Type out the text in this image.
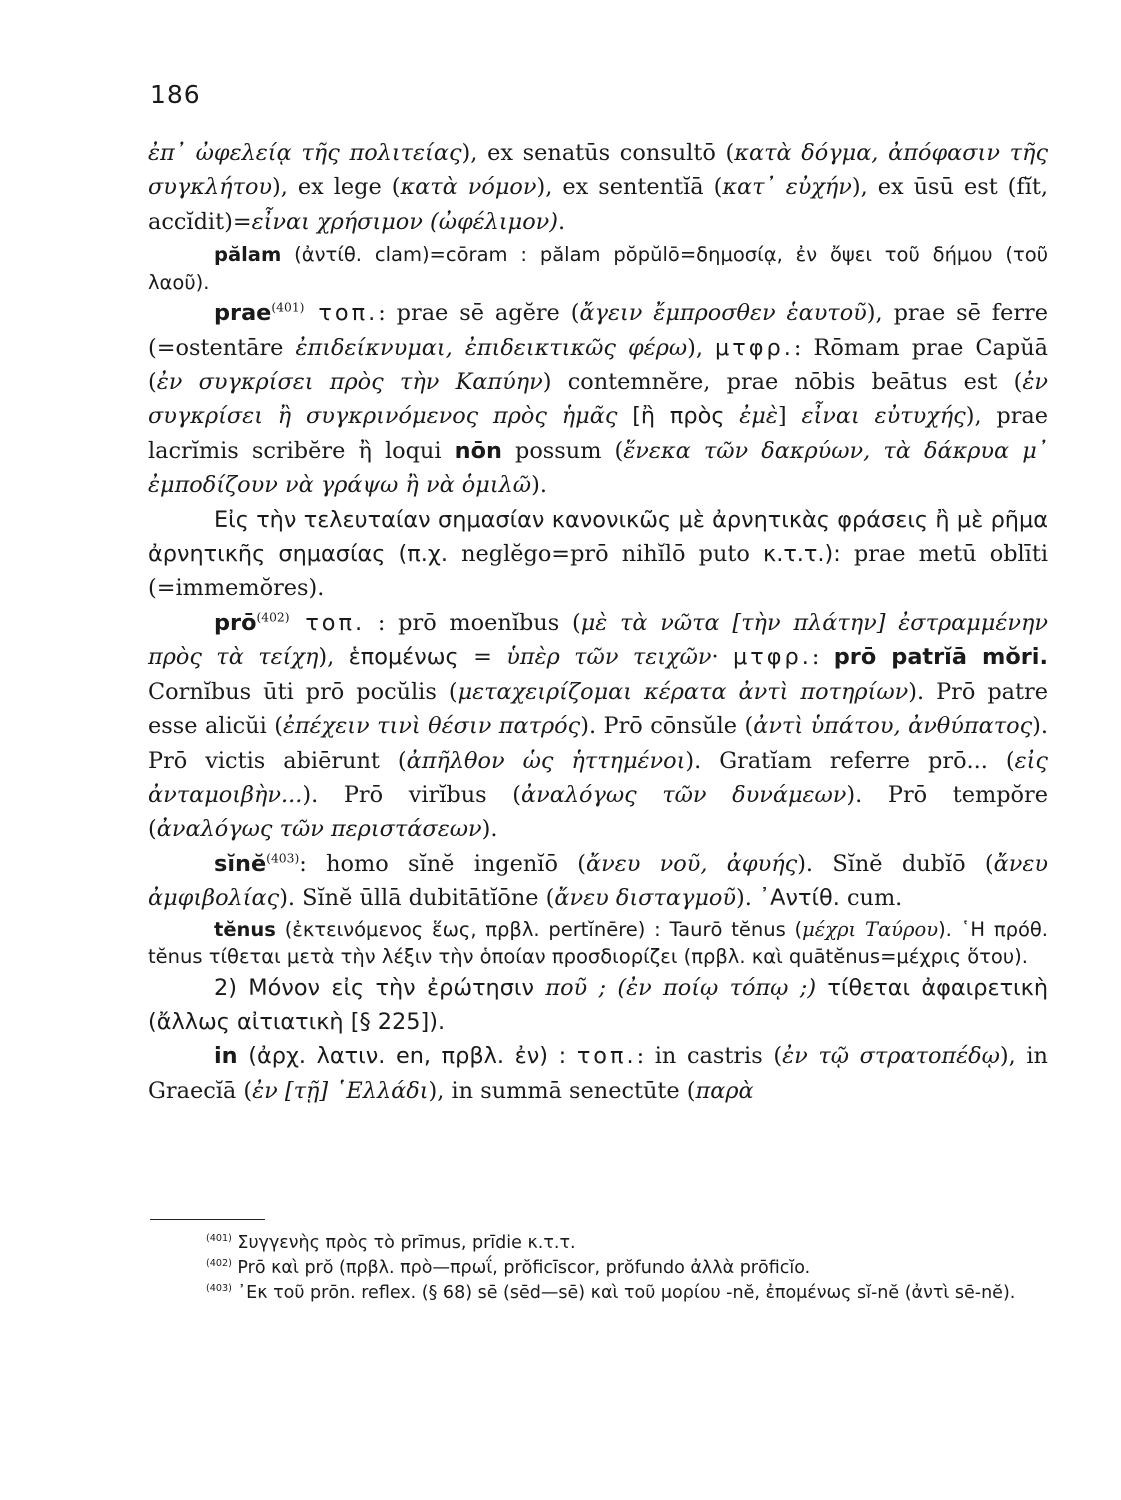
186

ἐπ᾽ ὠφελείᾳ τῆς πολιτείας), ex senatūs consultō (κατὰ δόγμα, ἀπόφασιν τῆς συγκλήτου), ex lege (κατὰ νόμον), ex sententĭā (κατ᾽ εὐχήν), ex ūsū est (fĭt, accĭdit)=εἶναι χρήσιμον (ὠφέλιμον).

pălam (ἀντίθ. clam)=cōram : pălam pŏpŭlō=δημοσίᾳ, ἐν ὄψει τοῦ δήμου (τοῦ λαοῦ).

prae$^{(401)}$ τοπ.: prae sē agĕre (ἄγειν ἔμπροσθεν ἑαυτοῦ), prae sē ferre (=ostentāre ἐπιδείκνυμαι, ἐπιδεικτικῶς φέρω), μτφρ.: Rōmam prae Capŭā (ἐν συγκρίσει πρὸς τὴν Καπύην) contemnĕre, prae nōbis beātus est (ἐν συγκρίσει ἢ συγκρινόμενος πρὸς ἡμᾶς [ἢ πρὸς ἐμὲ] εἶναι εὐτυχής), prae lacrĭmis scribĕre ἢ loqui nōn possum (ἕνεκα τῶν δακρύων, τὰ δάκρυα μ᾽ ἐμποδίζουν νὰ γράψω ἢ νὰ ὁμιλῶ).

Εἰς τὴν τελευταίαν σημασίαν κανονικῶς μὲ ἀρνητικὰς φράσεις ἢ μὲ ρῆμα ἀρνητικῆς σημασίας (π.χ. neglĕgo=prō nihĭlō puto κ.τ.τ.): prae metū oblīti (=immemŏres).

prō$^{(402)}$ τοπ. : prō moenĭbus (μὲ τὰ νῶτα [τὴν πλάτην] ἐστραμμένην πρὸς τὰ τείχη), ἑπομένως = ὑπὲρ τῶν τειχῶν· μτφρ.: prō patrĭā mŏri. Cornĭbus ūti prō pocŭlis (μεταχειρίζομαι κέρατα ἀντὶ ποτηρίων). Prō patre esse alicŭi (ἐπέχειν τινὶ θέσιν πατρός). Prō cōnsŭle (ἀντὶ ὑπάτου, ἀνθύπατος). Prō victis abiērunt (ἀπῆλθον ὡς ἡττημένοι). Gratĭam referre prō... (εἰς ἀνταμοιβὴν...). Prō virĭbus (ἀναλόγως τῶν δυνάμεων). Prō tempŏre (ἀναλόγως τῶν περιστάσεων).

sĭnĕ$^{(403)}$: homo sĭnĕ ingenĭō (ἄνευ νοῦ, ἀφυής). Sĭnĕ dubĭō (ἄνευ ἀμφιβολίας). Sĭnĕ ūllā dubitātĭōne (ἄνευ δισταγμοῦ). ᾽Αντίθ. cum.

tĕnus (ἐκτεινόμενος ἕως, πρβλ. pertĭnēre) : Taurō tĕnus (μέχρι Ταύρου). ῾Η πρόθ. tĕnus τίθεται μετὰ τὴν λέξιν τὴν ὁποίαν προσδιορίζει (πρβλ. καὶ quātĕnus=μέχρις ὅτου).

2) Μόνον εἰς τὴν ἐρώτησιν ποῦ ; (ἐν ποίῳ τόπῳ ;) τίθεται ἀφαιρετικὴ (ἄλλως αἰτιατικὴ [§ 225]).

in (ἀρχ. λατιν. en, πρβλ. ἐν) : τοπ.: in castris (ἐν τῷ στρατοπέδῳ), in Graecĭā (ἐν [τῇ] ῾Ελλάδι), in summā senectūte (παρὰ

$^{(401)}$ Συγγενὴς πρὸς τὸ prīmus, prīdie κ.τ.τ.

$^{(402)}$ Prō καὶ prŏ (πρβλ. πρὸ—πρωΐ, prŏficīscor, prŏfundo ἀλλὰ prōficĭo.

$^{(403)}$ ᾽Εκ τοῦ prōn. reflex. (§ 68) sē (sēd—sē) καὶ τοῦ μορίου -nĕ, ἐπομένως sĭ-nĕ (ἀντὶ sē-nĕ).
